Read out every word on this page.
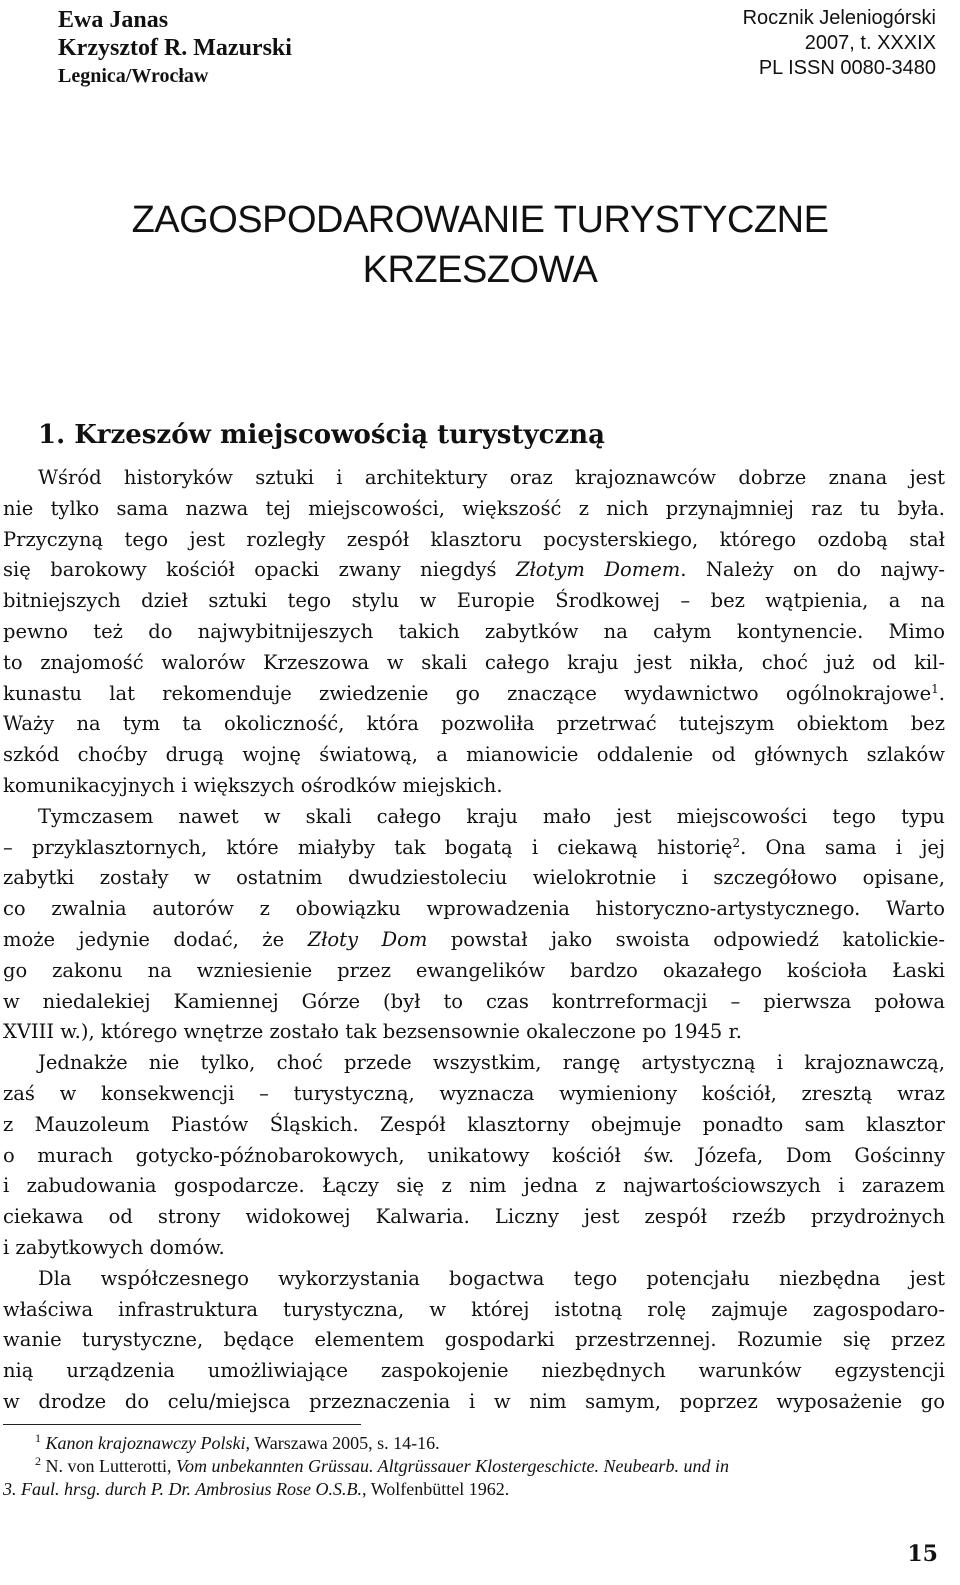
Ewa Janas
Krzysztof R. Mazurski
Legnica/Wrocław
Rocznik Jeleniogórski
2007, t. XXXIX
PL ISSN 0080-3480
ZAGOSPODAROWANIE TURYSTYCZNE
KRZESZOWA
1. Krzeszów miejscowością turystyczną
Wśród historyków sztuki i architektury oraz krajoznawców dobrze znana jest
nie tylko sama nazwa tej miejscowości, większość z nich przynajmniej raz tu była.
Przyczyną tego jest rozległy zespół klasztoru pocysterskiego, którego ozdobą stał
się barokowy kościół opacki zwany niegdyś Złotym Domem. Należy on do najwy-
bitniejszych dzieł sztuki tego stylu w Europie Środkowej – bez wątpienia, a na
pewno też do najwybitnijeszych takich zabytków na całym kontynencie. Mimo
to znajomość walorów Krzeszowa w skali całego kraju jest nikła, choć już od kil-
kunastu lat rekomenduje zwiedzenie go znaczące wydawnictwo ogólnokrajowe$^1$.
Waży na tym ta okoliczność, która pozwoliła przetrwać tutejszym obiektom bez
szkód choćby drugą wojnę światową, a mianowicie oddalenie od głównych szlaków
komunikacyjnych i większych ośrodków miejskich.
Tymczasem nawet w skali całego kraju mało jest miejscowości tego typu
– przyklasztornych, które miałyby tak bogatą i ciekawą historię$^2$. Ona sama i jej
zabytki zostały w ostatnim dwudziestoleciu wielokrotnie i szczegółowo opisane,
co zwalnia autorów z obowiązku wprowadzenia historyczno-artystycznego. Warto
może jedynie dodać, że Złoty Dom powstał jako swoista odpowiedź katolickie-
go zakonu na wzniesienie przez ewangelików bardzo okazałego kościoła Łaski
w niedalekiej Kamiennej Górze (był to czas kontrreformacji – pierwsza połowa
XVIII w.), którego wnętrze zostało tak bezsensownie okaleczone po 1945 r.
Jednakże nie tylko, choć przede wszystkim, rangę artystyczną i krajoznawczą,
zaś w konsekwencji – turystyczną, wyznacza wymieniony kościół, zresztą wraz
z Mauzoleum Piastów Śląskich. Zespół klasztorny obejmuje ponadto sam klasztor
o murach gotycko-późnobarokowych, unikatowy kościół św. Józefa, Dom Gościnny
i zabudowania gospodarcze. Łączy się z nim jedna z najwartościowszych i zarazem
ciekawa od strony widokowej Kalwaria. Liczny jest zespół rzeźb przydrożnych
i zabytkowych domów.
Dla współczesnego wykorzystania bogactwa tego potencjału niezbędna jest
właściwa infrastruktura turystyczna, w której istotną rolę zajmuje zagospodaro-
wanie turystyczne, będące elementem gospodarki przestrzennej. Rozumie się przez
nią urządzenia umożliwiające zaspokojenie niezbędnych warunków egzystencji
w drodze do celu/miejsca przeznaczenia i w nim samym, poprzez wyposażenie go
$^1$ Kanon krajoznawczy Polski, Warszawa 2005, s. 14-16.
$^2$ N. von Lutterotti, Vom unbekannten Grüssau. Altgrüssauer Klostergeschicte. Neubearb. und in
3. Faul. hrsg. durch P. Dr. Ambrosius Rose O.S.B., Wolfenbüttel 1962.
15
